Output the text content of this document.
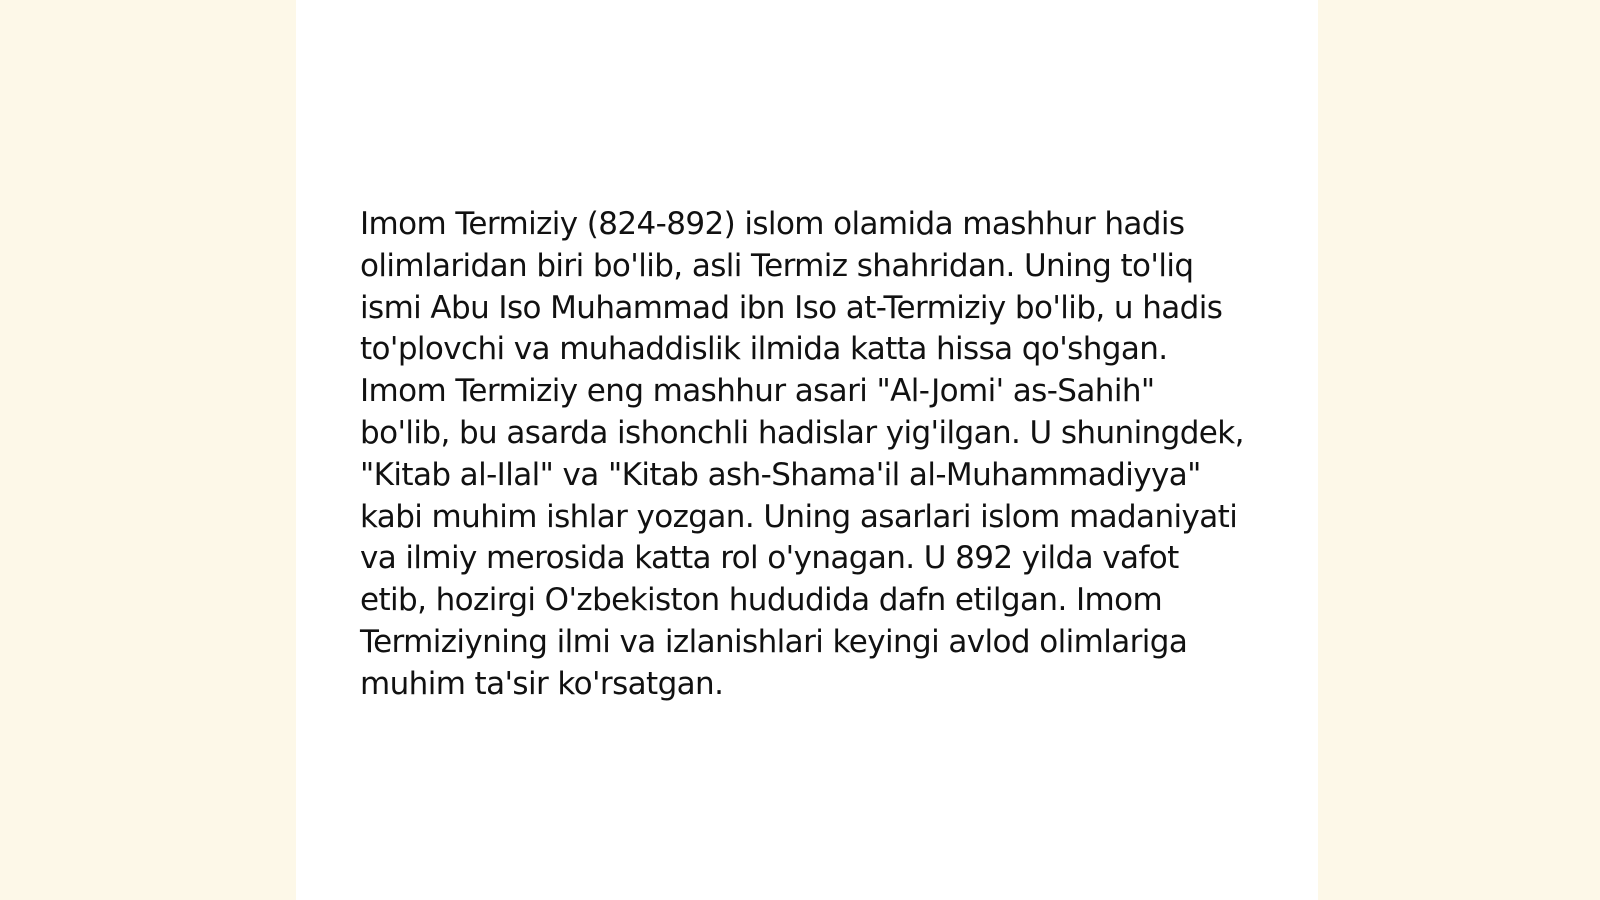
Imom Termiziy (824-892) islom olamida mashhur hadis olimlaridan biri bo'lib, asli Termiz shahridan. Uning to'liq ismi Abu Iso Muhammad ibn Iso at-Termiziy bo'lib, u hadis to'plovchi va muhaddislik ilmida katta hissa qo'shgan. Imom Termiziy eng mashhur asari "Al-Jomi' as-Sahih" bo'lib, bu asarda ishonchli hadislar yig'ilgan. U shuningdek, "Kitab al-Ilal" va "Kitab ash-Shama'il al-Muhammadiyya" kabi muhim ishlar yozgan. Uning asarlari islom madaniyati va ilmiy merosida katta rol o'ynagan. U 892 yilda vafot etib, hozirgi O'zbekiston hududida dafn etilgan. Imom Termiziyning ilmi va izlanishlari keyingi avlod olimlariga muhim ta'sir ko'rsatgan.
